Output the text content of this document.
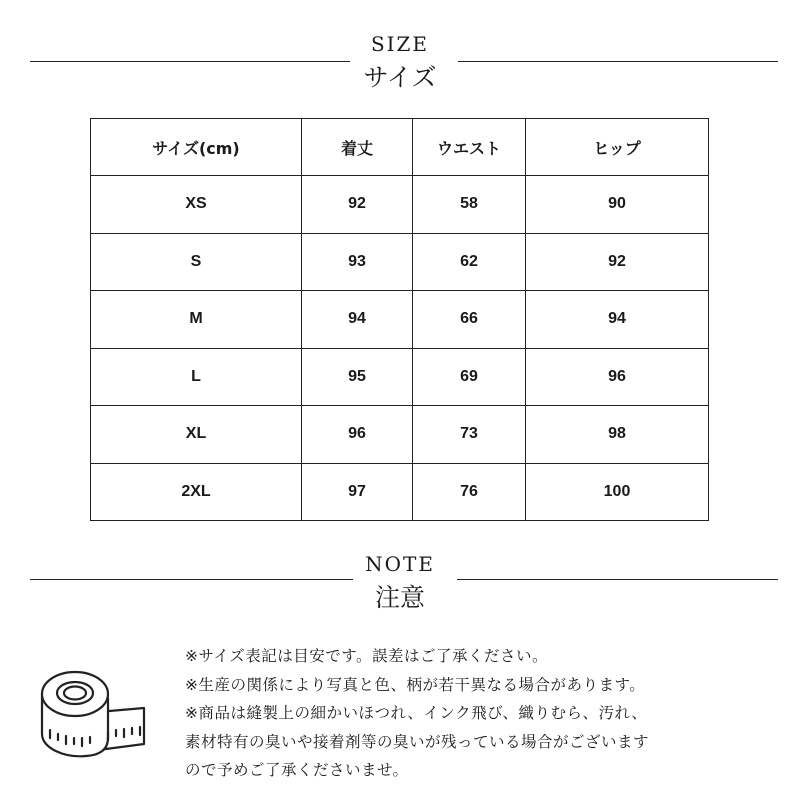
SIZE
サイズ
サイズ(cm)	着丈	ウエスト	ヒップ
XS	92	58	90
S	93	62	92
M	94	66	94
L	95	69	96
XL	96	73	98
2XL	97	76	100
NOTE
注意
※サイズ表記は目安です。誤差はご了承ください。
※生産の関係により写真と色、柄が若干異なる場合があります。
※商品は縫製上の細かいほつれ、インク飛び、織りむら、汚れ、
素材特有の臭いや接着剤等の臭いが残っている場合がございます
ので予めご了承くださいませ。
